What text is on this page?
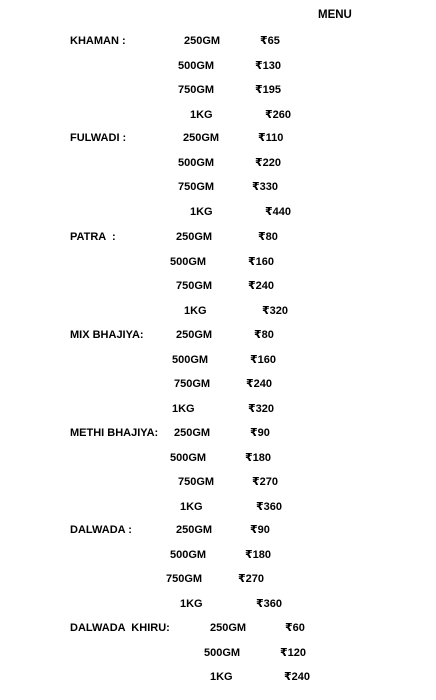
MENU
KHAMAN :	250GM	₹65
500GM	₹130
750GM	₹195
1KG	₹260
FULWADI :	250GM	₹110
500GM	₹220
750GM	₹330
1KG	₹440
PATRA  :	250GM	₹80
500GM	₹160
750GM	₹240
1KG	₹320
MIX BHAJIYA:	250GM	₹80
500GM	₹160
750GM	₹240
1KG	₹320
METHI BHAJIYA: 250GM	₹90
500GM	₹180
750GM	₹270
1KG	₹360
DALWADA :	250GM	₹90
500GM	₹180
750GM	₹270
1KG	₹360
DALWADA  KHIRU:	250GM	₹60
500GM	₹120
1KG	₹240
